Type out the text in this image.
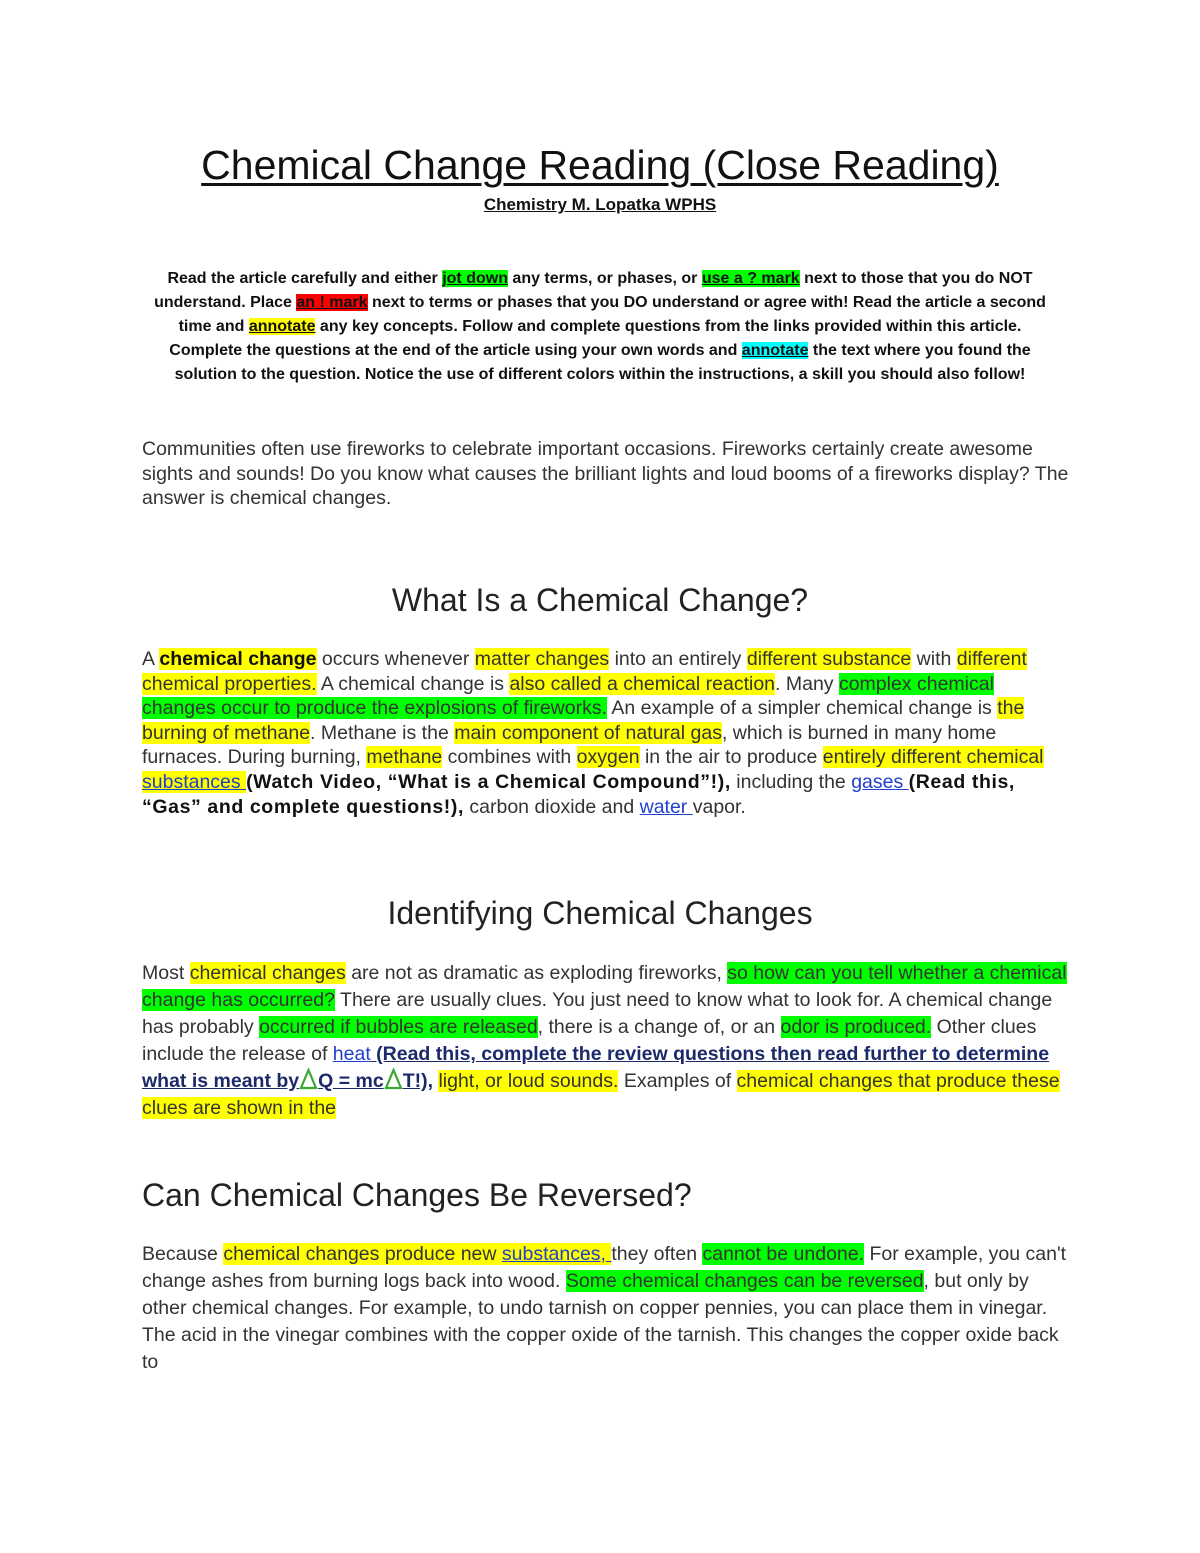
Chemical Change Reading (Close Reading)
Chemistry M. Lopatka WPHS
Read the article carefully and either jot down any terms, or phases, or use a ? mark next to those that you do NOT understand. Place an ! mark next to terms or phases that you DO understand or agree with! Read the article a second time and annotate any key concepts. Follow and complete questions from the links provided within this article. Complete the questions at the end of the article using your own words and annotate the text where you found the solution to the question. Notice the use of different colors within the instructions, a skill you should also follow!
Communities often use fireworks to celebrate important occasions. Fireworks certainly create awesome sights and sounds! Do you know what causes the brilliant lights and loud booms of a fireworks display? The answer is chemical changes.
What Is a Chemical Change?
A chemical change occurs whenever matter changes into an entirely different substance with different chemical properties. A chemical change is also called a chemical reaction. Many complex chemical changes occur to produce the explosions of fireworks. An example of a simpler chemical change is the burning of methane. Methane is the main component of natural gas, which is burned in many home furnaces. During burning, methane combines with oxygen in the air to produce entirely different chemical substances (Watch Video, “What is a Chemical Compound”!), including the gases (Read this, “Gas” and complete questions!), carbon dioxide and water vapor.
Identifying Chemical Changes
Most chemical changes are not as dramatic as exploding fireworks, so how can you tell whether a chemical change has occurred? There are usually clues. You just need to know what to look for. A chemical change has probably occurred if bubbles are released, there is a change of, or an odor is produced. Other clues include the release of heat (Read this, complete the review questions then read further to determine what is meant by Q = mc T!), light, or loud sounds. Examples of chemical changes that produce these clues are shown in the
Can Chemical Changes Be Reversed?
Because chemical changes produce new substances, they often cannot be undone. For example, you can't change ashes from burning logs back into wood. Some chemical changes can be reversed, but only by other chemical changes. For example, to undo tarnish on copper pennies, you can place them in vinegar. The acid in the vinegar combines with the copper oxide of the tarnish. This changes the copper oxide back to
